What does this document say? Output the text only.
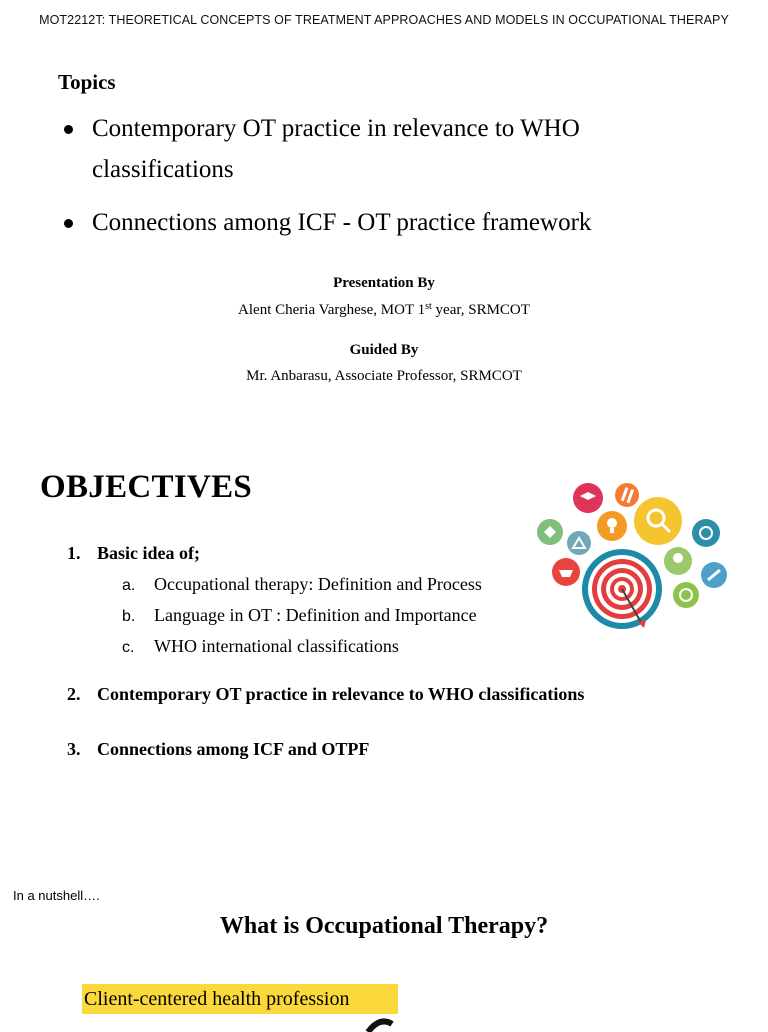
MOT2212T: THEORETICAL CONCEPTS OF TREATMENT APPROACHES AND MODELS IN OCCUPATIONAL THERAPY
Topics
Contemporary OT practice in relevance to WHO classifications
Connections among ICF - OT practice framework
Presentation By
Alent Cheria Varghese, MOT 1st year, SRMCOT
Guided By
Mr. Anbarasu, Associate Professor, SRMCOT
OBJECTIVES
1. Basic idea of;
a. Occupational therapy: Definition and Process
b. Language in OT : Definition and Importance
c. WHO international classifications
2. Contemporary OT practice in relevance to WHO classifications
3. Connections among ICF and OTPF
In a nutshell….
What is Occupational Therapy?
Client-centered health profession
